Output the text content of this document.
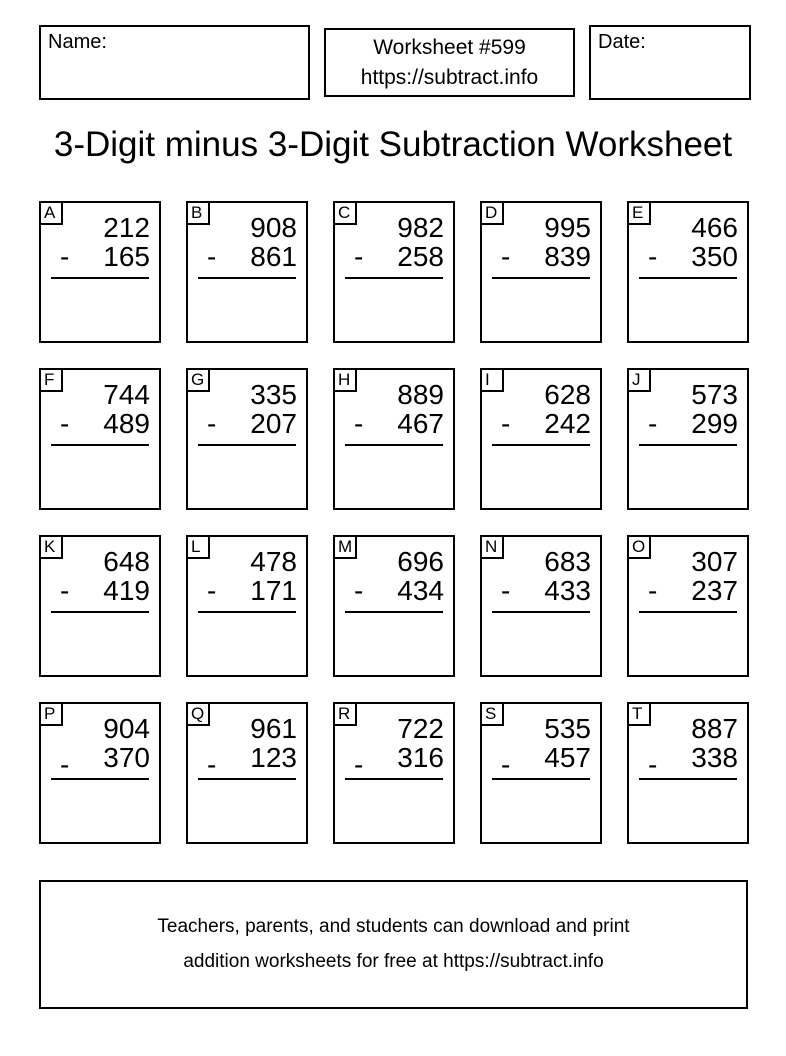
Name:	Worksheet #599
https://subtract.info
Date:
3-Digit minus 3-Digit Subtraction Worksheet
A	212
- 165
B	908
- 861
C	982
- 258
D	995
- 839
E	466
- 350
F	744
- 489
G	335
- 207
H	889
- 467
I	628
- 242
J	573
- 299
K	648
- 419
L	478
- 171
M	696
- 434
N	683
- 433
O	307
- 237
P	904
- 370
Q	961
- 123
R	722
- 316
S	535
- 457
T	887
- 338
Teachers, parents, and students can download and print
addition worksheets for free at https://subtract.info
